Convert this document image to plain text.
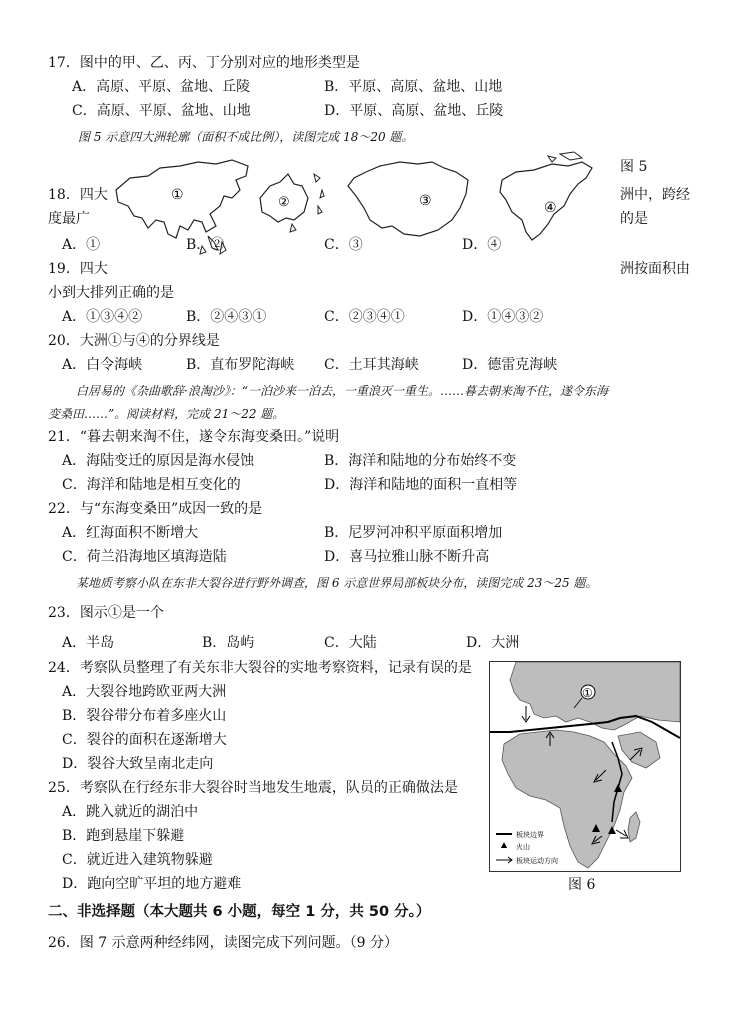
17．图中的甲、乙、丙、丁分别对应的地形类型是
A．高原、平原、盆地、丘陵	B．平原、高原、盆地、山地
C．高原、平原、盆地、山地	D．平原、高原、盆地、丘陵
图 5 示意四大洲轮廓（面积不成比例），读图完成 18～20 题。
①	②	③	④
图 5
18．四大	洲中，跨经
度最广	的是
A．①	B．②	C．③	D．④
19．四大	洲按面积由
小到大排列正确的是
A．①③④②	B．②④③①	C．②③④①	D．①④③②
20．大洲①与④的分界线是
A．白令海峡	B．直布罗陀海峡 C．土耳其海峡	D．德雷克海峡
白居易的《杂曲歌辞·浪淘沙》：“一泊沙来一泊去，一重浪灭一重生。……暮去朝来淘不住，遂令东海
变桑田……”。阅读材料，完成 21～22 题。
21．“暮去朝来淘不住，遂令东海变桑田。”说明
A．海陆变迁的原因是海水侵蚀	B．海洋和陆地的分布始终不变
C．海洋和陆地是相互变化的	D．海洋和陆地的面积一直相等
22．与“东海变桑田”成因一致的是
A．红海面积不断增大	B．尼罗河冲积平原面积增加
C．荷兰沿海地区填海造陆	D．喜马拉雅山脉不断升高
某地质考察小队在东非大裂谷进行野外调查，图 6 示意世界局部板块分布，读图完成 23～25 题。
23．图示①是一个
A．半岛	B．岛屿	C．大陆	D．大洲
24．考察队员整理了有关东非大裂谷的实地考察资料，记录有误的是
A．大裂谷地跨欧亚两大洲
B．裂谷带分布着多座火山
C．裂谷的面积在逐渐增大
D．裂谷大致呈南北走向
25．考察队在行经东非大裂谷时当地发生地震，队员的正确做法是
A．跳入就近的湖泊中
B．跑到悬崖下躲避
C．就近进入建筑物躲避
D．跑向空旷平坦的地方避难
①
板块边界
火山
板块运动方向
图 6
二、非选择题（本大题共 6 小题，每空 1 分，共 50 分。）
26．图 7 示意两种经纬网，读图完成下列问题。（9 分）
